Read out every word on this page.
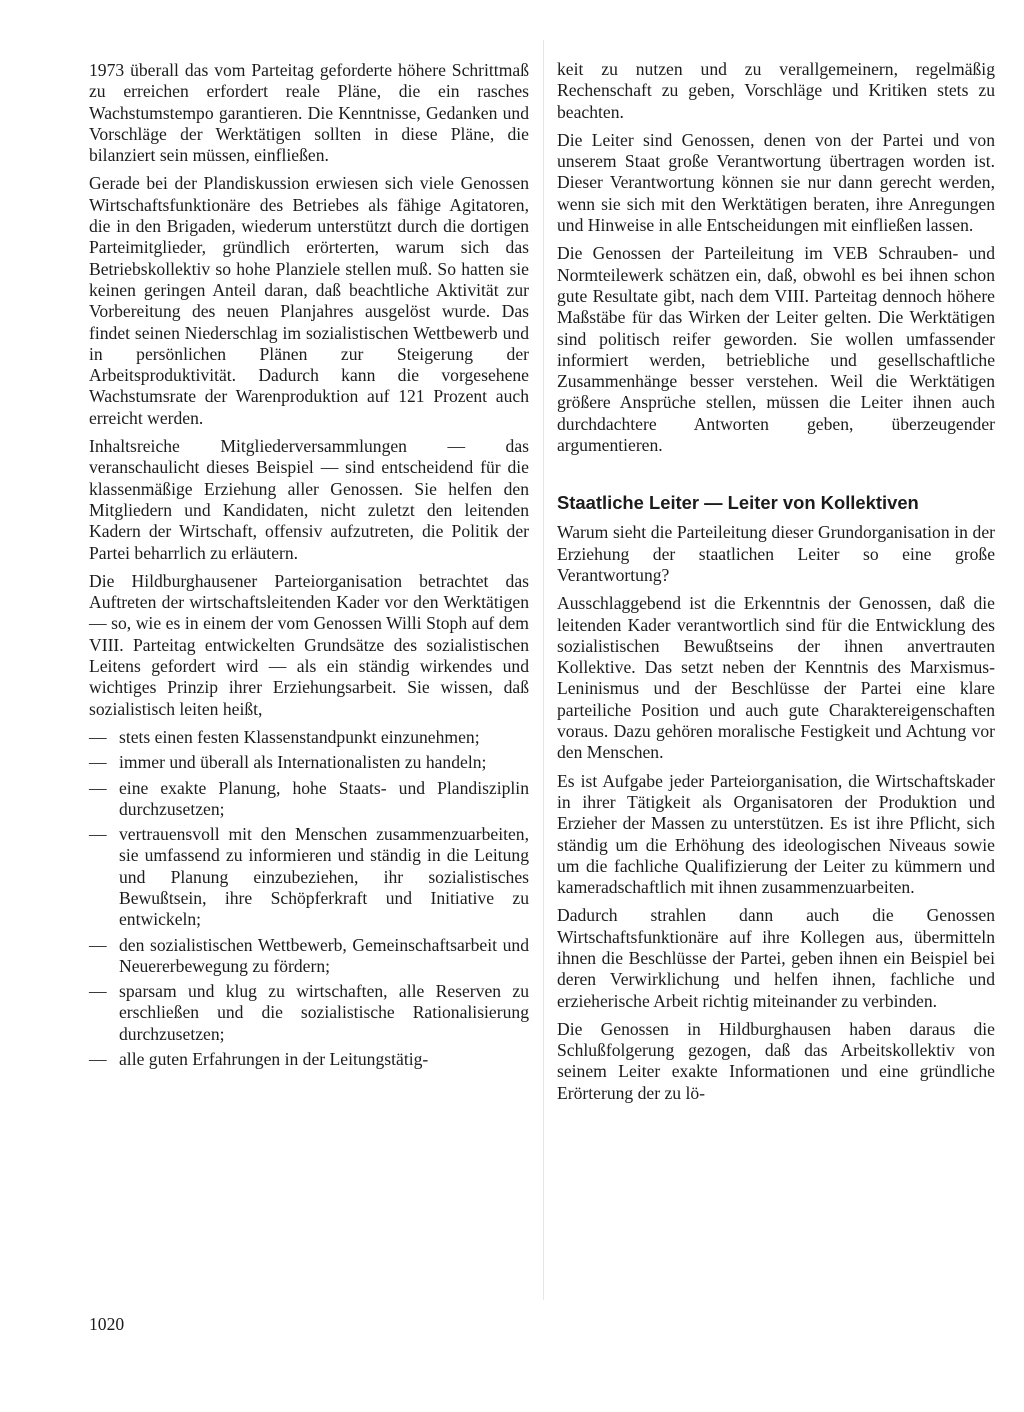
1973 überall das vom Parteitag geforderte höhere Schrittmaß zu erreichen erfordert reale Pläne, die ein rasches Wachstumstempo garantieren. Die Kenntnisse, Gedanken und Vorschläge der Werktätigen sollten in diese Pläne, die bilanziert sein müssen, einfließen.

Gerade bei der Plandiskussion erwiesen sich viele Genossen Wirtschaftsfunktionäre des Betriebes als fähige Agitatoren, die in den Brigaden, wiederum unterstützt durch die dortigen Parteimitglieder, gründlich erörterten, warum sich das Betriebskollektiv so hohe Planziele stellen muß. So hatten sie keinen geringen Anteil daran, daß beachtliche Aktivität zur Vorbereitung des neuen Planjahres ausgelöst wurde. Das findet seinen Niederschlag im sozialistischen Wettbewerb und in persönlichen Plänen zur Steigerung der Arbeitsproduktivität. Dadurch kann die vorgesehene Wachstumsrate der Warenproduktion auf 121 Prozent auch erreicht werden.

Inhaltsreiche Mitgliederversammlungen — das veranschaulicht dieses Beispiel — sind entscheidend für die klassenmäßige Erziehung aller Genossen. Sie helfen den Mitgliedern und Kandidaten, nicht zuletzt den leitenden Kadern der Wirtschaft, offensiv aufzutreten, die Politik der Partei beharrlich zu erläutern.

Die Hildburghausener Parteiorganisation betrachtet das Auftreten der wirtschaftsleitenden Kader vor den Werktätigen — so, wie es in einem der vom Genossen Willi Stoph auf dem VIII. Parteitag entwickelten Grundsätze des sozialistischen Leitens gefordert wird — als ein ständig wirkendes und wichtiges Prinzip ihrer Erziehungsarbeit. Sie wissen, daß sozialistisch leiten heißt,

— stets einen festen Klassenstandpunkt einzunehmen;
— immer und überall als Internationalisten zu handeln;
— eine exakte Planung, hohe Staats- und Plandisziplin durchzusetzen;
— vertrauensvoll mit den Menschen zusammenzuarbeiten, sie umfassend zu informieren und ständig in die Leitung und Planung einzubeziehen, ihr sozialistisches Bewußtsein, ihre Schöpferkraft und Initiative zu entwickeln;
— den sozialistischen Wettbewerb, Gemeinschaftsarbeit und Neuererbewegung zu fördern;
— sparsam und klug zu wirtschaften, alle Reserven zu erschließen und die sozialistische Rationalisierung durchzusetzen;
— alle guten Erfahrungen in der Leitungstätig-

keit zu nutzen und zu verallgemeinern, regelmäßig Rechenschaft zu geben, Vorschläge und Kritiken stets zu beachten.

Die Leiter sind Genossen, denen von der Partei und von unserem Staat große Verantwortung übertragen worden ist. Dieser Verantwortung können sie nur dann gerecht werden, wenn sie sich mit den Werktätigen beraten, ihre Anregungen und Hinweise in alle Entscheidungen mit einfließen lassen.

Die Genossen der Parteileitung im VEB Schrauben- und Normteilewerk schätzen ein, daß, obwohl es bei ihnen schon gute Resultate gibt, nach dem VIII. Parteitag dennoch höhere Maßstäbe für das Wirken der Leiter gelten. Die Werktätigen sind politisch reifer geworden. Sie wollen umfassender informiert werden, betriebliche und gesellschaftliche Zusammenhänge besser verstehen. Weil die Werktätigen größere Ansprüche stellen, müssen die Leiter ihnen auch durchdachtere Antworten geben, überzeugender argumentieren.

Staatliche Leiter — Leiter von Kollektiven

Warum sieht die Parteileitung dieser Grundorganisation in der Erziehung der staatlichen Leiter so eine große Verantwortung?

Ausschlaggebend ist die Erkenntnis der Genossen, daß die leitenden Kader verantwortlich sind für die Entwicklung des sozialistischen Bewußtseins der ihnen anvertrauten Kollektive. Das setzt neben der Kenntnis des Marxismus-Leninismus und der Beschlüsse der Partei eine klare parteiliche Position und auch gute Charaktereigenschaften voraus. Dazu gehören moralische Festigkeit und Achtung vor den Menschen.

Es ist Aufgabe jeder Parteiorganisation, die Wirtschaftskader in ihrer Tätigkeit als Organisatoren der Produktion und Erzieher der Massen zu unterstützen. Es ist ihre Pflicht, sich ständig um die Erhöhung des ideologischen Niveaus sowie um die fachliche Qualifizierung der Leiter zu kümmern und kameradschaftlich mit ihnen zusammenzuarbeiten.

Dadurch strahlen dann auch die Genossen Wirtschaftsfunktionäre auf ihre Kollegen aus, übermitteln ihnen die Beschlüsse der Partei, geben ihnen ein Beispiel bei deren Verwirklichung und helfen ihnen, fachliche und erzieherische Arbeit richtig miteinander zu verbinden.

Die Genossen in Hildburghausen haben daraus die Schlußfolgerung gezogen, daß das Arbeitskollektiv von seinem Leiter exakte Informationen und eine gründliche Erörterung der zu lö-

1020
